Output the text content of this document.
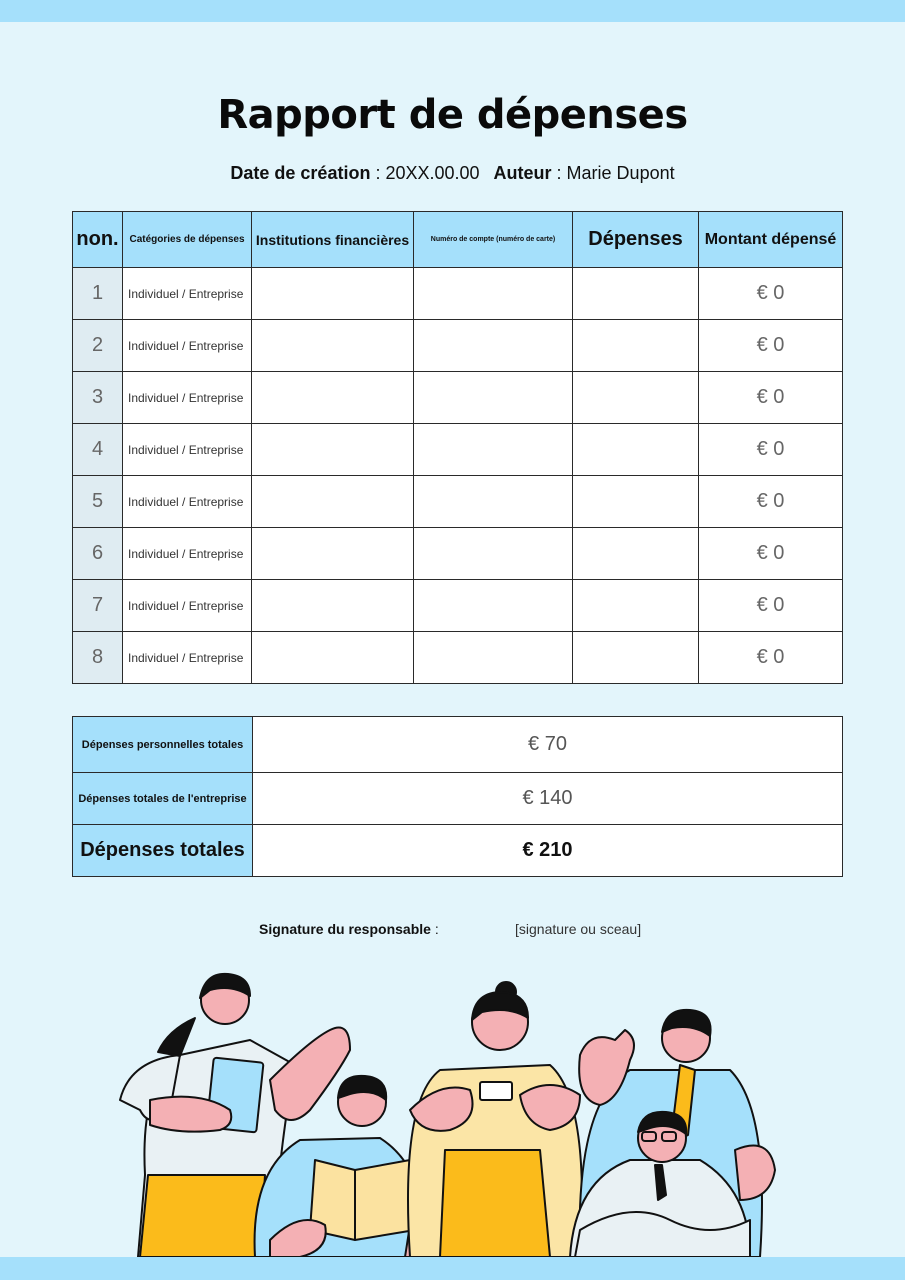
Rapport de dépenses
Date de création : 20XX.00.00 Auteur : Marie Dupont
non.	Catégories de dépenses	Institutions financières	Numéro de compte (numéro de carte)	Dépenses	Montant dépensé
1	Individuel / Entreprise				€ 0
2	Individuel / Entreprise				€ 0
3	Individuel / Entreprise				€ 0
4	Individuel / Entreprise				€ 0
5	Individuel / Entreprise				€ 0
6	Individuel / Entreprise				€ 0
7	Individuel / Entreprise				€ 0
8	Individuel / Entreprise				€ 0
Dépenses personnelles totales	€ 70
Dépenses totales de l'entreprise	€ 140
Dépenses totales	€ 210
Signature du responsable :	[signature ou sceau]
